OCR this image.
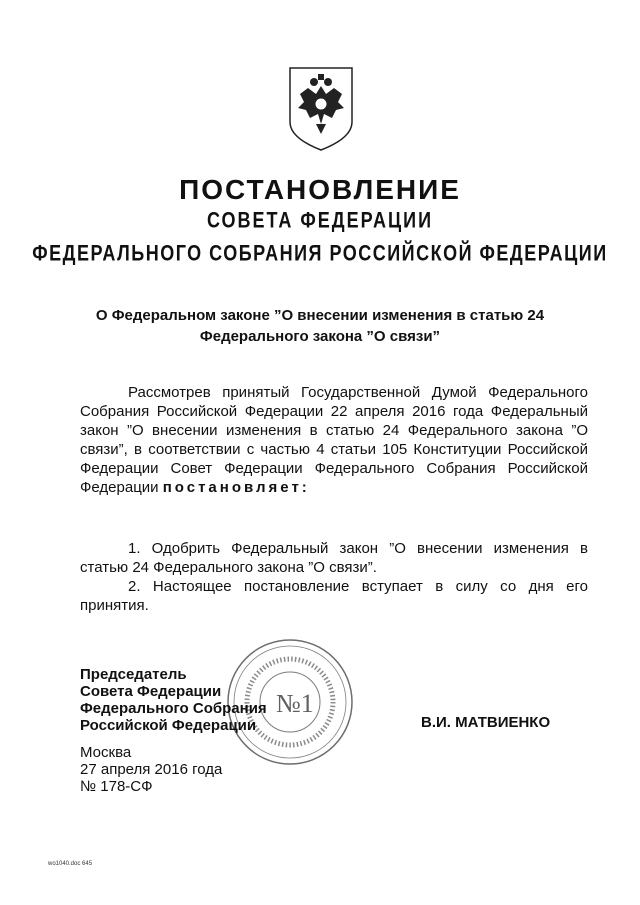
ПОСТАНОВЛЕНИЕ
СОВЕТА ФЕДЕРАЦИИ
ФЕДЕРАЛЬНОГО СОБРАНИЯ РОССИЙСКОЙ ФЕДЕРАЦИИ
О Федеральном законе ”О внесении изменения в статью 24
Федерального закона ”О связи”

Рассмотрев принятый Государственной Думой Федерального Собрания Российской Федерации 22 апреля 2016 года Федеральный закон ”О внесении изменения в статью 24 Федерального закона ”О связи”, в соответствии с частью 4 статьи 105 Конституции Российской Федерации Совет Федерации Федерального Собрания Российской Федерации постановляет:

1. Одобрить Федеральный закон ”О внесении изменения в статью 24 Федерального закона ”О связи”.

2. Настоящее постановление вступает в силу со дня его принятия.

№1
Председатель
Совета Федерации
Федерального Собрания
Российской Федерации	В.И. МАТВИЕНКО
Москва
27 апреля 2016 года
№ 178-СФ
wo1040.doc 645
